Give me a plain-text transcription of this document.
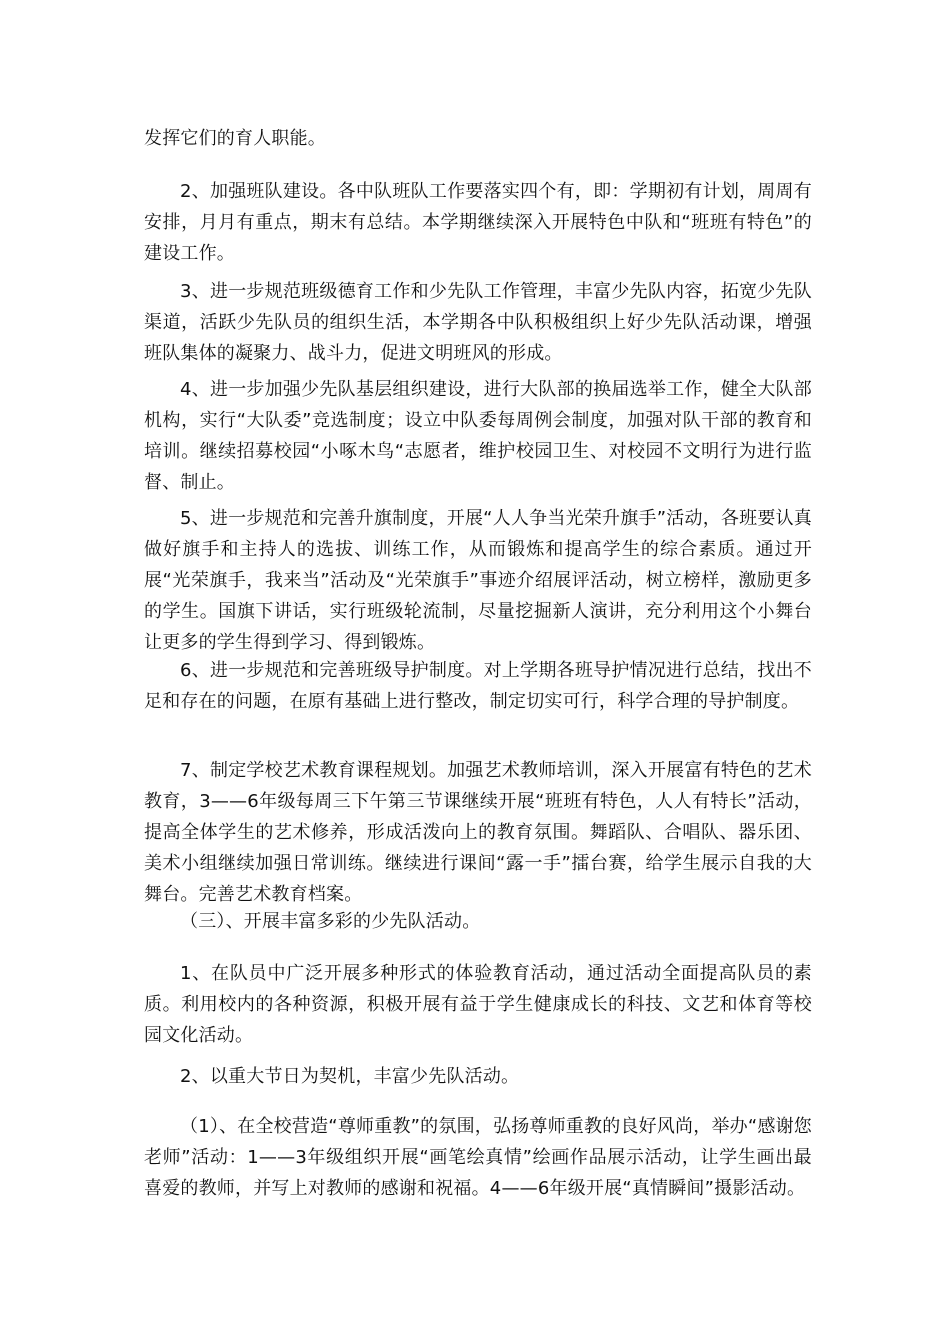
发挥它们的育人职能。

2、加强班队建设。各中队班队工作要落实四个有，即：学期初有计划，周周有安排，月月有重点，期末有总结。本学期继续深入开展特色中队和“班班有特色”的建设工作。

3、进一步规范班级德育工作和少先队工作管理，丰富少先队内容，拓宽少先队渠道，活跃少先队员的组织生活，本学期各中队积极组织上好少先队活动课，增强班队集体的凝聚力、战斗力，促进文明班风的形成。

4、进一步加强少先队基层组织建设，进行大队部的换届选举工作，健全大队部机构，实行“大队委”竞选制度；设立中队委每周例会制度，加强对队干部的教育和培训。继续招募校园“小啄木鸟“志愿者，维护校园卫生、对校园不文明行为进行监督、制止。

5、进一步规范和完善升旗制度，开展“人人争当光荣升旗手”活动，各班要认真做好旗手和主持人的选拔、训练工作，从而锻炼和提高学生的综合素质。通过开展“光荣旗手，我来当”活动及“光荣旗手”事迹介绍展评活动，树立榜样，激励更多的学生。国旗下讲话，实行班级轮流制，尽量挖掘新人演讲，充分利用这个小舞台让更多的学生得到学习、得到锻炼。

6、进一步规范和完善班级导护制度。对上学期各班导护情况进行总结，找出不足和存在的问题，在原有基础上进行整改，制定切实可行，科学合理的导护制度。

7、制定学校艺术教育课程规划。加强艺术教师培训，深入开展富有特色的艺术教育，3——6年级每周三下午第三节课继续开展“班班有特色，人人有特长”活动，提高全体学生的艺术修养，形成活泼向上的教育氛围。舞蹈队、合唱队、器乐团、美术小组继续加强日常训练。继续进行课间“露一手”擂台赛，给学生展示自我的大舞台。完善艺术教育档案。

（三）、开展丰富多彩的少先队活动。

1、在队员中广泛开展多种形式的体验教育活动，通过活动全面提高队员的素质。利用校内的各种资源，积极开展有益于学生健康成长的科技、文艺和体育等校园文化活动。

2、以重大节日为契机，丰富少先队活动。

（1）、在全校营造“尊师重教”的氛围，弘扬尊师重教的良好风尚，举办“感谢您老师”活动：1——3年级组织开展“画笔绘真情”绘画作品展示活动，让学生画出最喜爱的教师，并写上对教师的感谢和祝福。4——6年级开展“真情瞬间”摄影活动。
